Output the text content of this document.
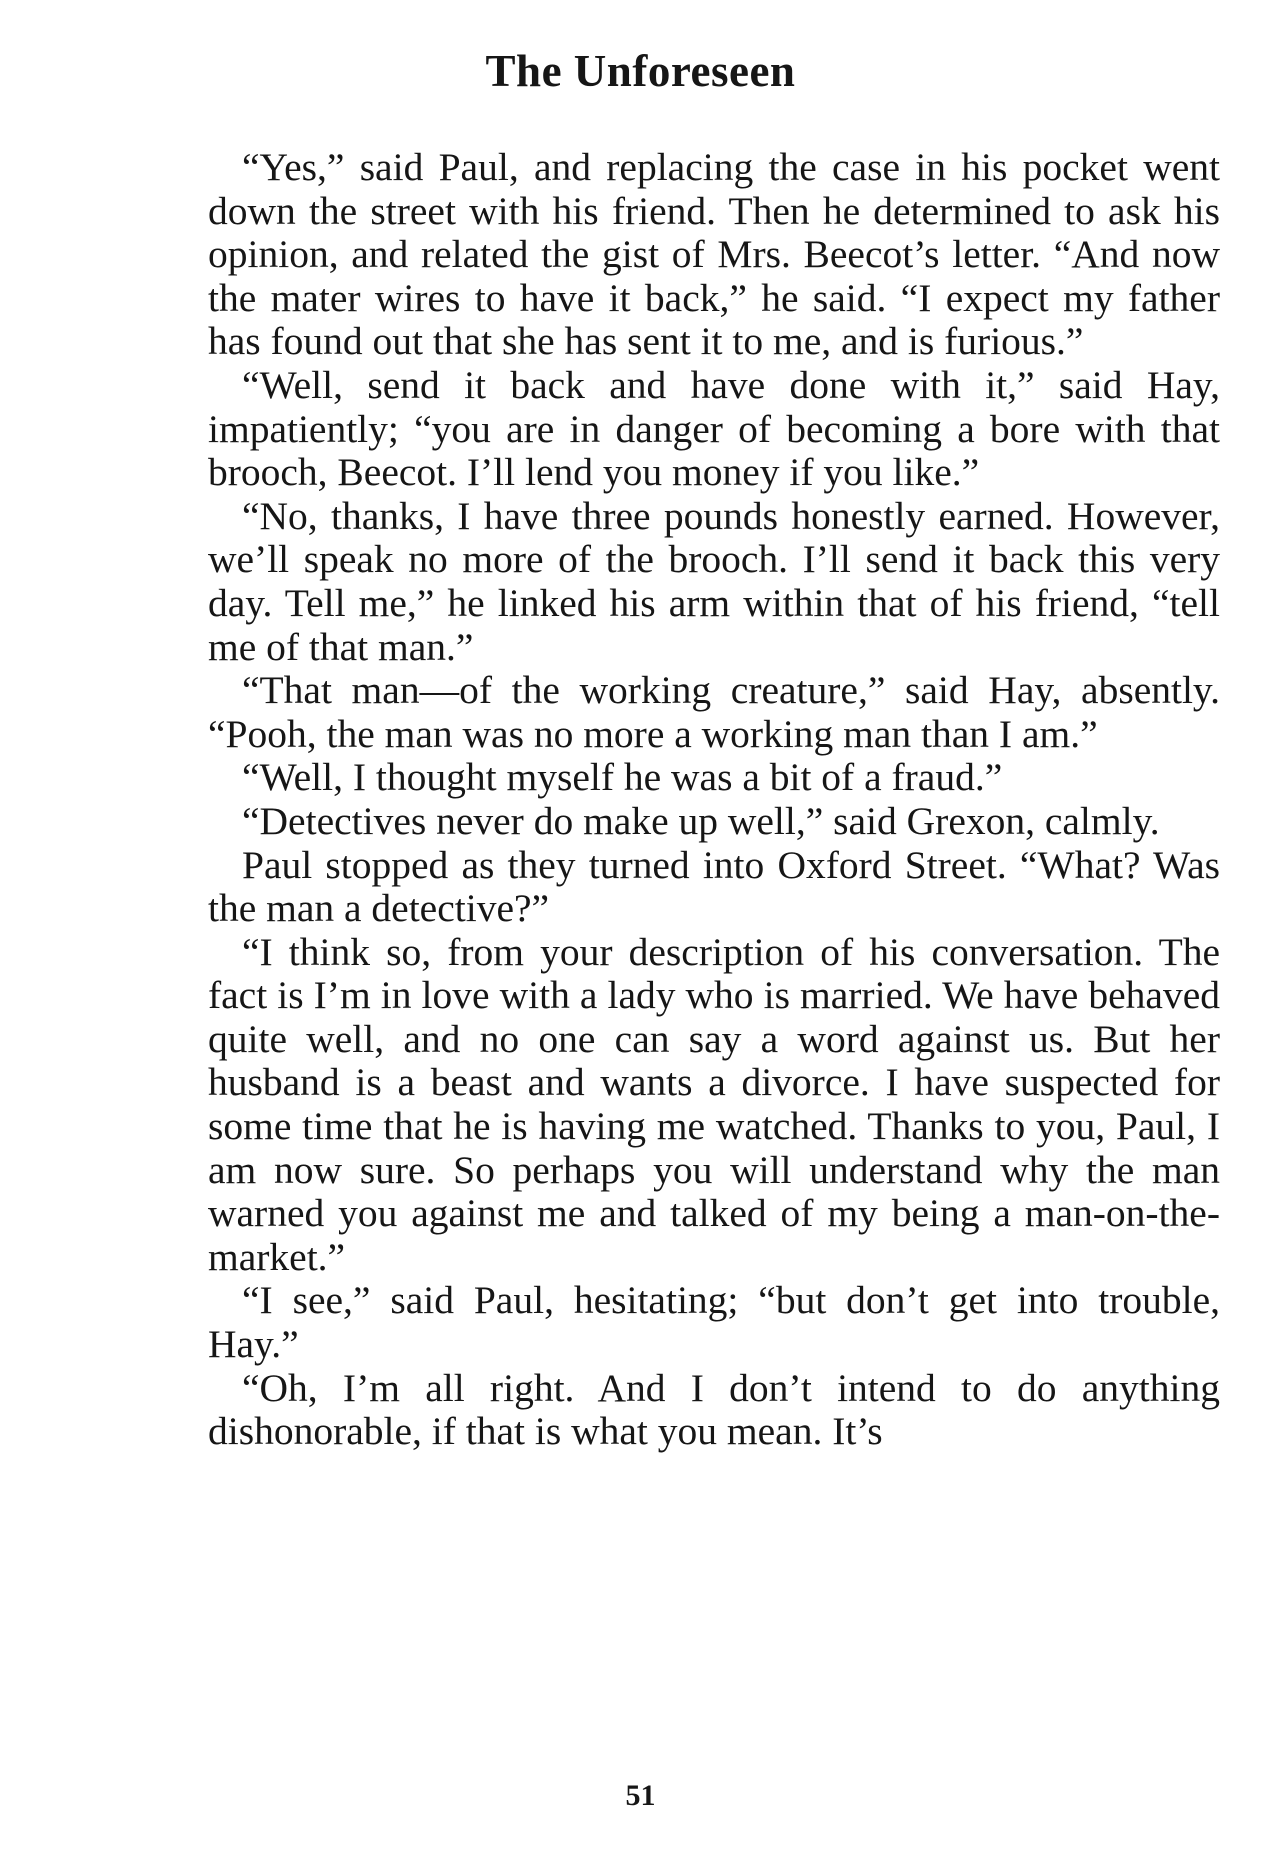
The Unforeseen

“Yes,” said Paul, and replacing the case in his pocket went down the street with his friend. Then he determined to ask his opinion, and related the gist of Mrs. Beecot’s letter. “And now the mater wires to have it back,” he said. “I expect my father has found out that she has sent it to me, and is furious.”

“Well, send it back and have done with it,” said Hay, impatiently; “you are in danger of becoming a bore with that brooch, Beecot. I’ll lend you money if you like.”

“No, thanks, I have three pounds honestly earned. However, we’ll speak no more of the brooch. I’ll send it back this very day. Tell me,” he linked his arm within that of his friend, “tell me of that man.”

“That man—of the working creature,” said Hay, absently. “Pooh, the man was no more a working man than I am.”

“Well, I thought myself he was a bit of a fraud.”

“Detectives never do make up well,” said Grexon, calmly.

Paul stopped as they turned into Oxford Street. “What? Was the man a detective?”

“I think so, from your description of his conversation. The fact is I’m in love with a lady who is married. We have behaved quite well, and no one can say a word against us. But her husband is a beast and wants a divorce. I have suspected for some time that he is having me watched. Thanks to you, Paul, I am now sure. So perhaps you will understand why the man warned you against me and talked of my being a man-on-the-market.”

“I see,” said Paul, hesitating; “but don’t get into trouble, Hay.”

“Oh, I’m all right. And I don’t intend to do anything dishonorable, if that is what you mean. It’s

51
